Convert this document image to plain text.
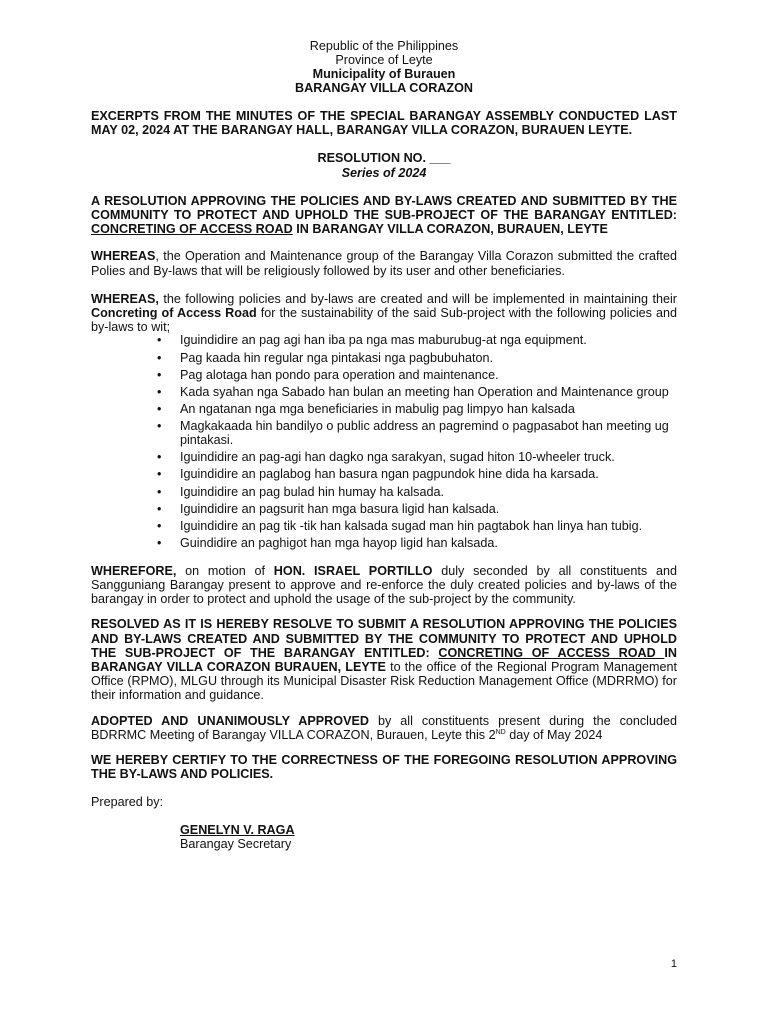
Republic of the Philippines
Province of Leyte
Municipality of Burauen
BARANGAY VILLA CORAZON

EXCERPTS FROM THE MINUTES OF THE SPECIAL BARANGAY ASSEMBLY CONDUCTED LAST MAY 02, 2024 AT THE BARANGAY HALL, BARANGAY VILLA CORAZON, BURAUEN LEYTE.

RESOLUTION NO. ___
Series of 2024

A RESOLUTION APPROVING THE POLICIES AND BY-LAWS CREATED AND SUBMITTED BY THE COMMUNITY TO PROTECT AND UPHOLD THE SUB-PROJECT OF THE BARANGAY ENTITLED: CONCRETING OF ACCESS ROAD IN BARANGAY VILLA CORAZON, BURAUEN, LEYTE

WHEREAS, the Operation and Maintenance group of the Barangay Villa Corazon submitted the crafted Polies and By-laws that will be religiously followed by its user and other beneficiaries.

WHEREAS, the following policies and by-laws are created and will be implemented in maintaining their Concreting of Access Road for the sustainability of the said Sub-project with the following policies and by-laws to wit;

• Iguindidire an pag agi han iba pa nga mas maburubug-at nga equipment.
• Pag kaada hin regular nga pintakasi nga pagbubuhaton.
• Pag alotaga han pondo para operation and maintenance.
• Kada syahan nga Sabado han bulan an meeting han Operation and Maintenance group
• An ngatanan nga mga beneficiaries in mabulig pag limpyo han kalsada
• Magkakaada hin bandilyo o public address an pagremind o pagpasabot han meeting ug pintakasi.
• Iguindidire an pag-agi han dagko nga sarakyan, sugad hiton 10-wheeler truck.
• Iguindidire an paglabog han basura ngan pagpundok hine dida ha karsada.
• Iguindidire an pag bulad hin humay ha kalsada.
• Iguindidire an pagsurit han mga basura ligid han kalsada.
• Iguindidire an pag tik -tik han kalsada sugad man hin pagtabok han linya han tubig.
• Guindidire an paghigot han mga hayop ligid han kalsada.

WHEREFORE, on motion of HON. ISRAEL PORTILLO duly seconded by all constituents and Sangguniang Barangay present to approve and re-enforce the duly created policies and by-laws of the barangay in order to protect and uphold the usage of the sub-project by the community.

RESOLVED AS IT IS HEREBY RESOLVE TO SUBMIT A RESOLUTION APPROVING THE POLICIES AND BY-LAWS CREATED AND SUBMITTED BY THE COMMUNITY TO PROTECT AND UPHOLD THE SUB-PROJECT OF THE BARANGAY ENTITLED: CONCRETING OF ACCESS ROAD IN BARANGAY VILLA CORAZON BURAUEN, LEYTE to the office of the Regional Program Management Office (RPMO), MLGU through its Municipal Disaster Risk Reduction Management Office (MDRRMO) for their information and guidance.

ADOPTED AND UNANIMOUSLY APPROVED by all constituents present during the concluded BDRRMC Meeting of Barangay VILLA CORAZON, Burauen, Leyte this 2ND day of May 2024

WE HEREBY CERTIFY TO THE CORRECTNESS OF THE FOREGOING RESOLUTION APPROVING THE BY-LAWS AND POLICIES.

Prepared by:

GENELYN V. RAGA
Barangay Secretary
1
